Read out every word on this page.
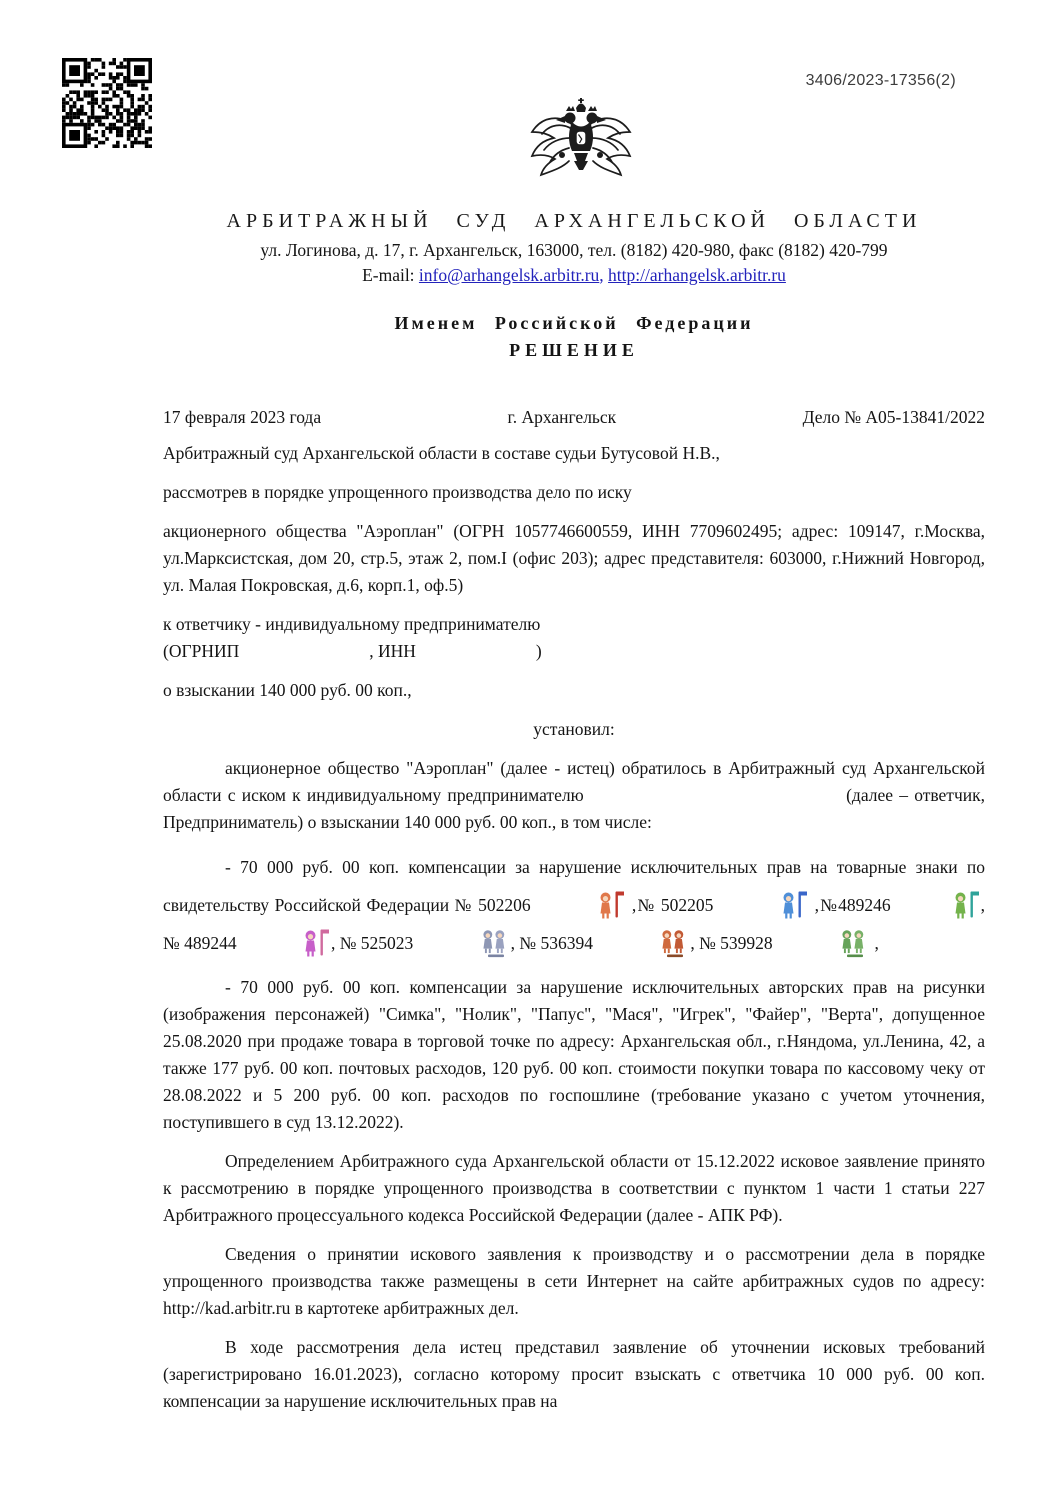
3406/2023-17356(2)
АРБИТРАЖНЫЙ СУД АРХАНГЕЛЬСКОЙ ОБЛАСТИ
ул. Логинова, д. 17, г. Архангельск, 163000, тел. (8182) 420-980, факс (8182) 420-799
E-mail: info@arhangelsk.arbitr.ru, http://arhangelsk.arbitr.ru
Именем Российской Федерации
РЕШЕНИЕ
17 февраля 2023 года	г. Архангельск	Дело № А05-13841/2022

Арбитражный суд Архангельской области в составе судьи Бутусовой Н.В.,

рассмотрев в порядке упрощенного производства дело по иску

акционерного общества "Аэроплан" (ОГРН 1057746600559, ИНН 7709602495; адрес: 109147, г.Москва, ул.Марксистская, дом 20, стр.5, этаж 2, пом.I (офис 203); адрес представителя: 603000, г.Нижний Новгород, ул. Малая Покровская, д.6, корп.1, оф.5)

к ответчику - индивидуальному предпринимателю
(ОГРНИП	, ИНН	)

о взыскании 140 000 руб. 00 коп.,

установил:

акционерное общество "Аэроплан" (далее - истец) обратилось в Арбитражный суд Архангельской области с иском к индивидуальному предпринимателю	(далее – ответчик, Предприниматель) о взыскании 140 000 руб. 00 коп., в том числе:

- 70 000 руб. 00 коп. компенсации за нарушение исключительных прав на товарные знаки по свидетельству Российской Федерации № 502206	,№ 502205	,№489246	, № 489244	, № 525023	, № 536394	, № 539928	,

- 70 000 руб. 00 коп. компенсации за нарушение исключительных авторских прав на рисунки (изображения персонажей) "Симка", "Нолик", "Папус", "Мася", "Игрек", "Файер", "Верта", допущенное 25.08.2020 при продаже товара в торговой точке по адресу: Архангельская обл., г.Няндома, ул.Ленина, 42, а также 177 руб. 00 коп. почтовых расходов, 120 руб. 00 коп. стоимости покупки товара по кассовому чеку от 28.08.2022 и 5 200 руб. 00 коп. расходов по госпошлине (требование указано с учетом уточнения, поступившего в суд 13.12.2022).

Определением Арбитражного суда Архангельской области от 15.12.2022 исковое заявление принято к рассмотрению в порядке упрощенного производства в соответствии с пунктом 1 части 1 статьи 227 Арбитражного процессуального кодекса Российской Федерации (далее - АПК РФ).

Сведения о принятии искового заявления к производству и о рассмотрении дела в порядке упрощенного производства также размещены в сети Интернет на сайте арбитражных судов по адресу: http://kad.arbitr.ru в картотеке арбитражных дел.

В ходе рассмотрения дела истец представил заявление об уточнении исковых требований (зарегистрировано 16.01.2023), согласно которому просит взыскать с ответчика 10 000 руб. 00 коп. компенсации за нарушение исключительных прав на
